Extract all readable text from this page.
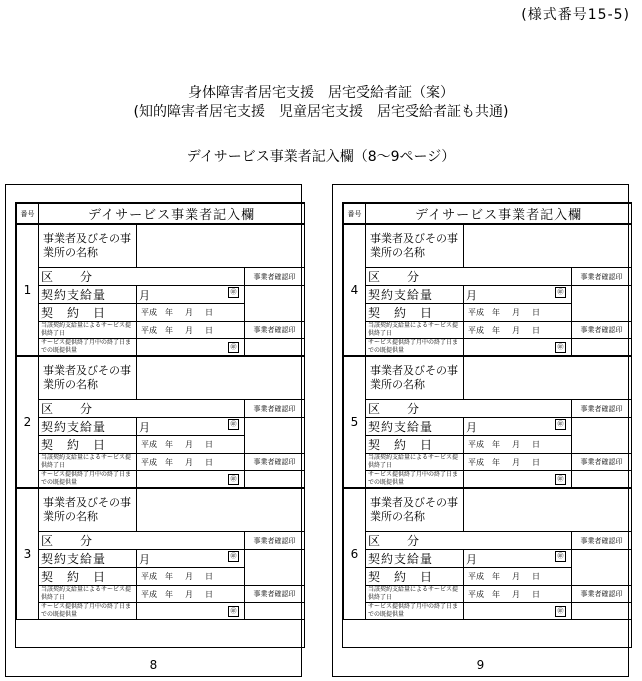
(様式番号15-5)
身体障害者居宅支援　居宅受給者証（案）
(知的障害者居宅支援　児童居宅支援　居宅受給者証も共通)
デイサービス事業者記入欄（8〜9ページ）
番号	デイサービス事業者記入欄
1	事業者及びその事業所の名称		
	区　　分		事業者確認印
	契約支給量	月 ㊞	

	契　約　日	平成 年 月 日	
	当該契約支給量によるサービス提供終了日	平成 年 月 日	事業者確認印
	サービス提供終了月中の終了日までの既提供量	㊞	

2	事業者及びその事業所の名称		
	区　　分		事業者確認印
	契約支給量	月 ㊞	

	契　約　日	平成 年 月 日	
	当該契約支給量によるサービス提供終了日	平成 年 月 日	事業者確認印
	サービス提供終了月中の終了日までの既提供量	㊞	

3	事業者及びその事業所の名称		
	区　　分		事業者確認印
	契約支給量	月 ㊞	

	契　約　日	平成 年 月 日	
	当該契約支給量によるサービス提供終了日	平成 年 月 日	事業者確認印
	サービス提供終了月中の終了日までの既提供量	㊞	

8
番号	デイサービス事業者記入欄
4	事業者及びその事業所の名称		
	区　　分		事業者確認印
	契約支給量	月 ㊞	

	契　約　日	平成 年 月 日	
	当該契約支給量によるサービス提供終了日	平成 年 月 日	事業者確認印
	サービス提供終了月中の終了日までの既提供量	㊞	

5	事業者及びその事業所の名称		
	区　　分		事業者確認印
	契約支給量	月 ㊞	

	契　約　日	平成 年 月 日	
	当該契約支給量によるサービス提供終了日	平成 年 月 日	事業者確認印
	サービス提供終了月中の終了日までの既提供量	㊞	

6	事業者及びその事業所の名称		
	区　　分		事業者確認印
	契約支給量	月 ㊞	

	契　約　日	平成 年 月 日	
	当該契約支給量によるサービス提供終了日	平成 年 月 日	事業者確認印
	サービス提供終了月中の終了日までの既提供量	㊞	

9
